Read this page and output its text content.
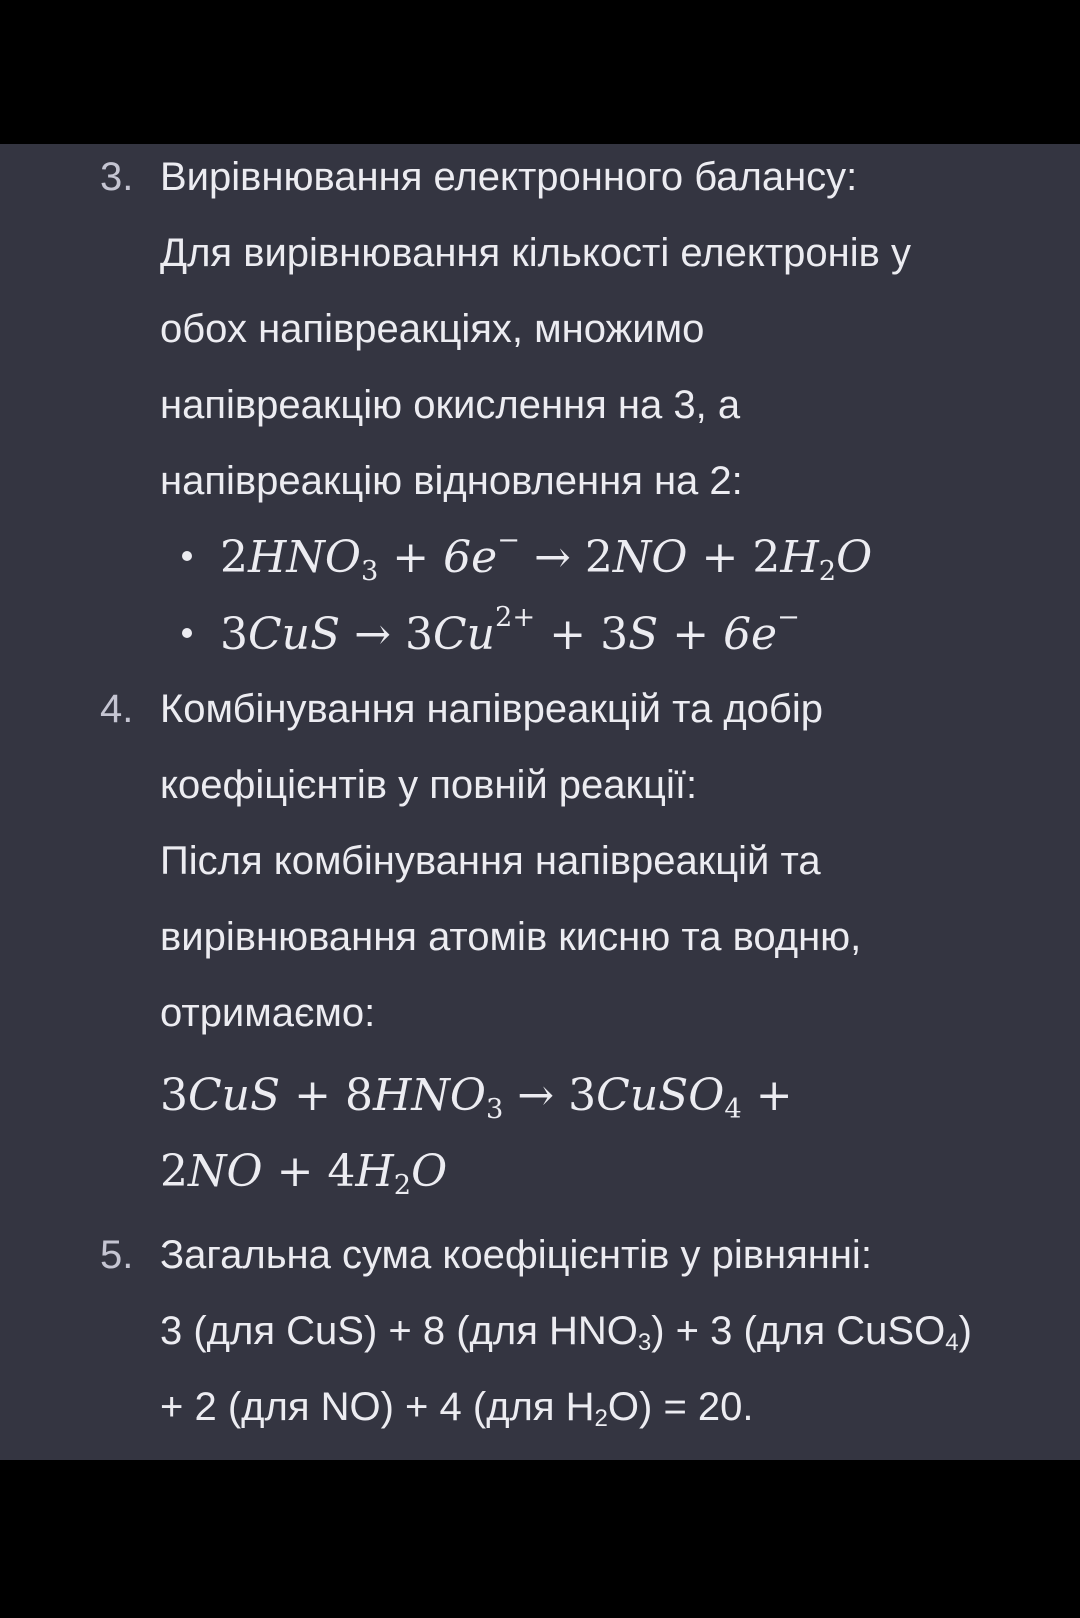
3. Вирівнювання електронного балансу:
Для вирівнювання кількості електронів у
обох напівреакціях, множимо
напівреакцію окислення на 3, а
напівреакцію відновлення на 2:
$2HNO_3 + 6e^- \to 2NO + 2H_2O$
$3CuS \to 3Cu^{2+} + 3S + 6e^-$
4. Комбінування напівреакцій та добір
коефіцієнтів у повній реакції:
Після комбінування напівреакцій та
вирівнювання атомів кисню та водню,
отримаємо:
$3CuS + 8HNO_3$ → 3CuSO$_4$ +
$2NO + 4H_2O$
5. Загальна сума коефіцієнтів у рівнянні:
3 (для CuS) + 8 (для HNO3) + 3 (для CuSO4)
+ 2 (для NO) + 4 (для H2O) = 20.
